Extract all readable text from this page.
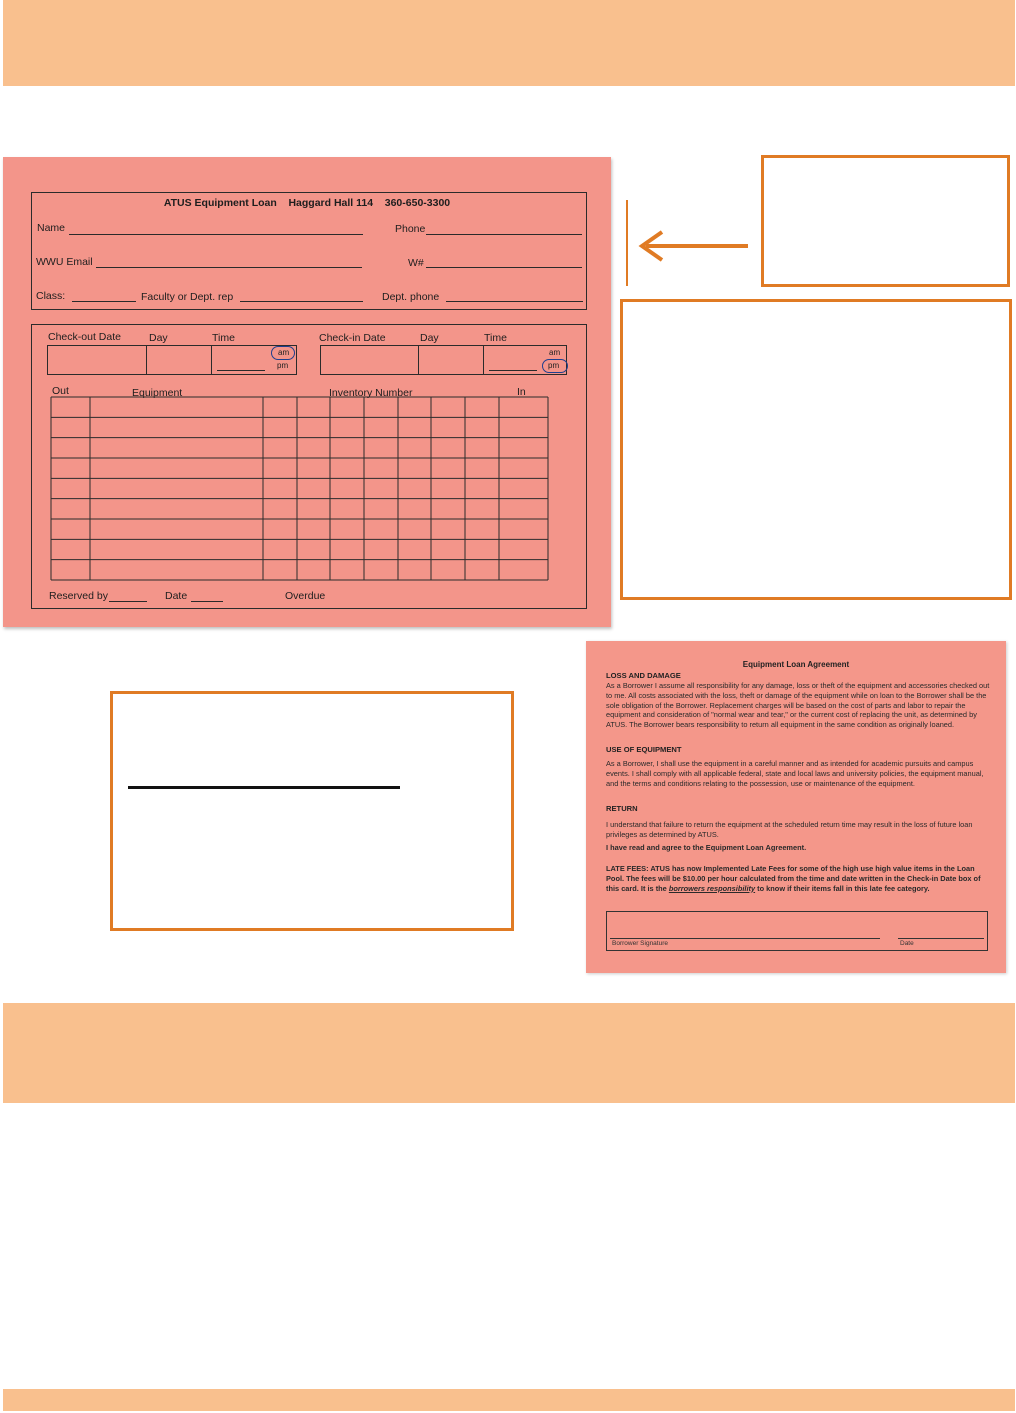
ATUS Equipment Loan    Haggard Hall 114    360-650-3300
Name	Phone
WWU Email	W#
Class:	Faculty or Dept. rep	Dept. phone
Check-out Date	Day	Time
am
pm
Check-in Date	Day	Time
am
pm
Out	Equipment	Inventory Number	In
Reserved by	Date	Overdue
Equipment Loan Agreement
LOSS AND DAMAGE
As a Borrower I assume all responsibility for any damage, loss or theft of the equipment and accessories checked out to me. All costs associated with the loss, theft or damage of the equipment while on loan to the Borrower shall be the sole obligation of the Borrower. Replacement charges will be based on the cost of parts and labor to repair the equipment and consideration of "normal wear and tear," or the current cost of replacing the unit, as determined by ATUS. The Borrower bears responsibility to return all equipment in the same condition as originally loaned.
USE OF EQUIPMENT
As a Borrower, I shall use the equipment in a careful manner and as intended for academic pursuits and campus events. I shall comply with all applicable federal, state and local laws and university policies, the equipment manual, and the terms and conditions relating to the possession, use or maintenance of the equipment.
RETURN
I understand that failure to return the equipment at the scheduled return time may result in the loss of future loan privileges as determined by ATUS.
I have read and agree to the Equipment Loan Agreement.
LATE FEES: ATUS has now Implemented Late Fees for some of the high use high value items in the Loan Pool. The fees will be $10.00 per hour calculated from the time and date written in the Check-in Date box of this card. It is the borrowers responsibility to know if their items fall in this late fee category.
Borrower Signature	Date
